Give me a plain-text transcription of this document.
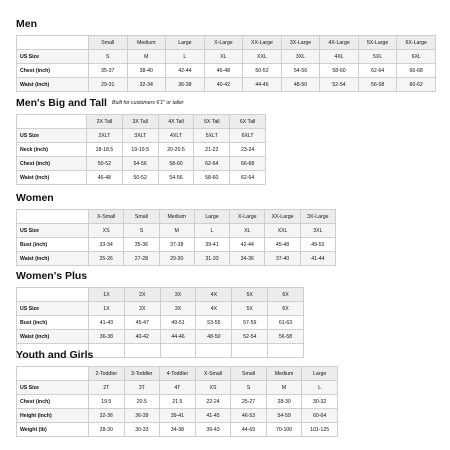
Men
	Small	Medium	Large	X-Large	XX-Large	3X-Large	4X-Large	5X-Large	6X-Large
US Size	S	M	L	XL	XXL	3XL	4XL	5XL	6XL
Chest (inch)	35-37	38-40	42-44	46-48	50-52	54-56	58-60	62-64	66-68
Waist (inch)	29-31	32-34	36-38	40-42	44-46	48-50	52-54	56-58	60-62
Men's Big and Tall Built for customers 6'1" or taller
	2X Tall	3X Tall	4X Tall	5X Tall	6X Tall
US Size	2XLT	3XLT	4XLT	5XLT	6XLT
Neck (inch)	18-18.5	19-19.5	20-20.5	21-22	23-24
Chest (inch)	50-52	54-56	58-60	62-64	66-68
Waist (inch)	46-48	50-52	54-56	58-60	62-64
Women
	X-Small	Small	Medium	Large	X-Large	XX-Large	3X-Large
US Size	XS	S	M	L	XL	XXL	3XL
Bust (inch)	33-34	35-36	37-38	39-41	42-44	45-48	49-52
Waist (inch)	25-26	27-28	29-30	31-33	34-36	37-40	41-44
Women's Plus
	1X	2X	3X	4X	5X	6X
US Size	1X	2X	3X	4X	5X	6X
Bust (inch)	41-43	45-47	49-51	53-55	57-59	61-63
Waist (inch)	36-38	40-42	44-46	48-50	52-54	56-58

Youth and Girls
	2-Toddler	3-Toddler	4-Toddler	X-Small	Small	Medium	Large
US Size	2T	3T	4T	XS	S	M	L
Chest (inch)	19.5	20.5	21.5	22-24	25-27	28-30	30-32
Height (inch)	32-36	36-39	39-41	41-45	46-53	54-59	60-64
Weight (lb)	28-30	30-33	34-38	39-43	44-69	70-100	101-125
